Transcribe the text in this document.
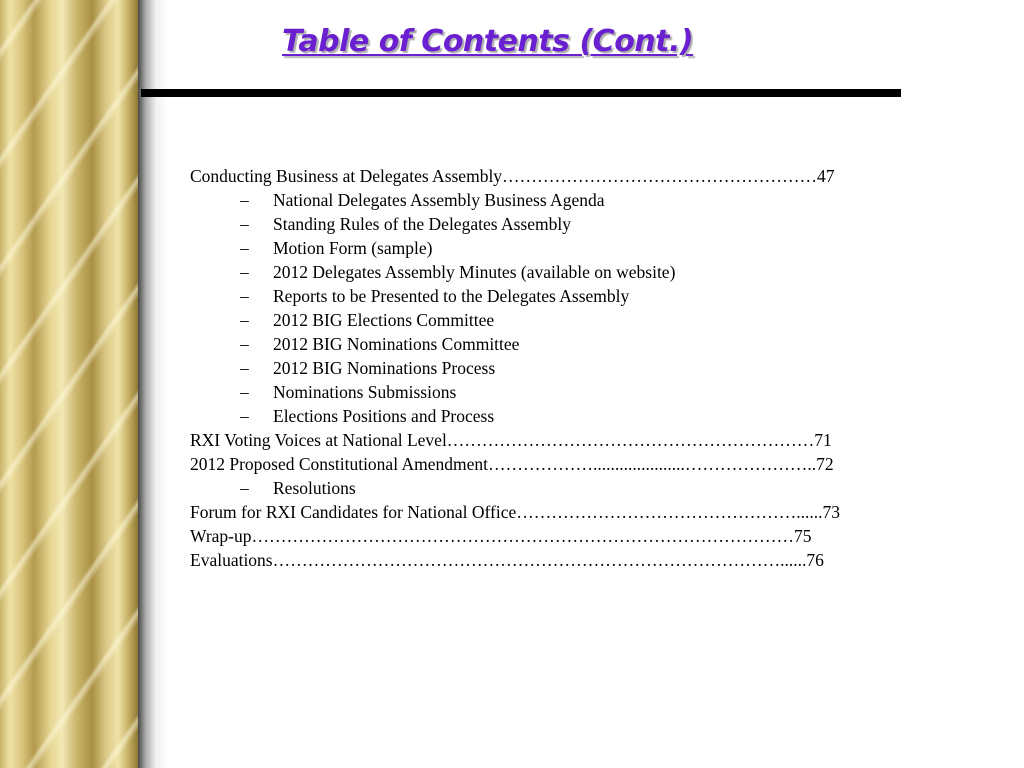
Table of Contents (Cont.)
Conducting Business at Delegates Assembly………………………………………………47
–	National Delegates Assembly Business Agenda
–	Standing Rules of the Delegates Assembly
–	Motion Form (sample)
–	2012 Delegates Assembly Minutes (available on website)
–	Reports to be Presented to the Delegates Assembly
–	2012 BIG Elections Committee
–	2012 BIG Nominations Committee
–	2012 BIG Nominations Process
–	Nominations Submissions
–	Elections Positions and Process
RXI Voting Voices at National Level………………………………………………………71
2012 Proposed Constitutional Amendment……………….....................…………………..72
–	Resolutions
Forum for RXI Candidates for National Office…………………………………………......73
Wrap-up…………………………………………………………………………………75
Evaluations……………………………………………………………………………......76
